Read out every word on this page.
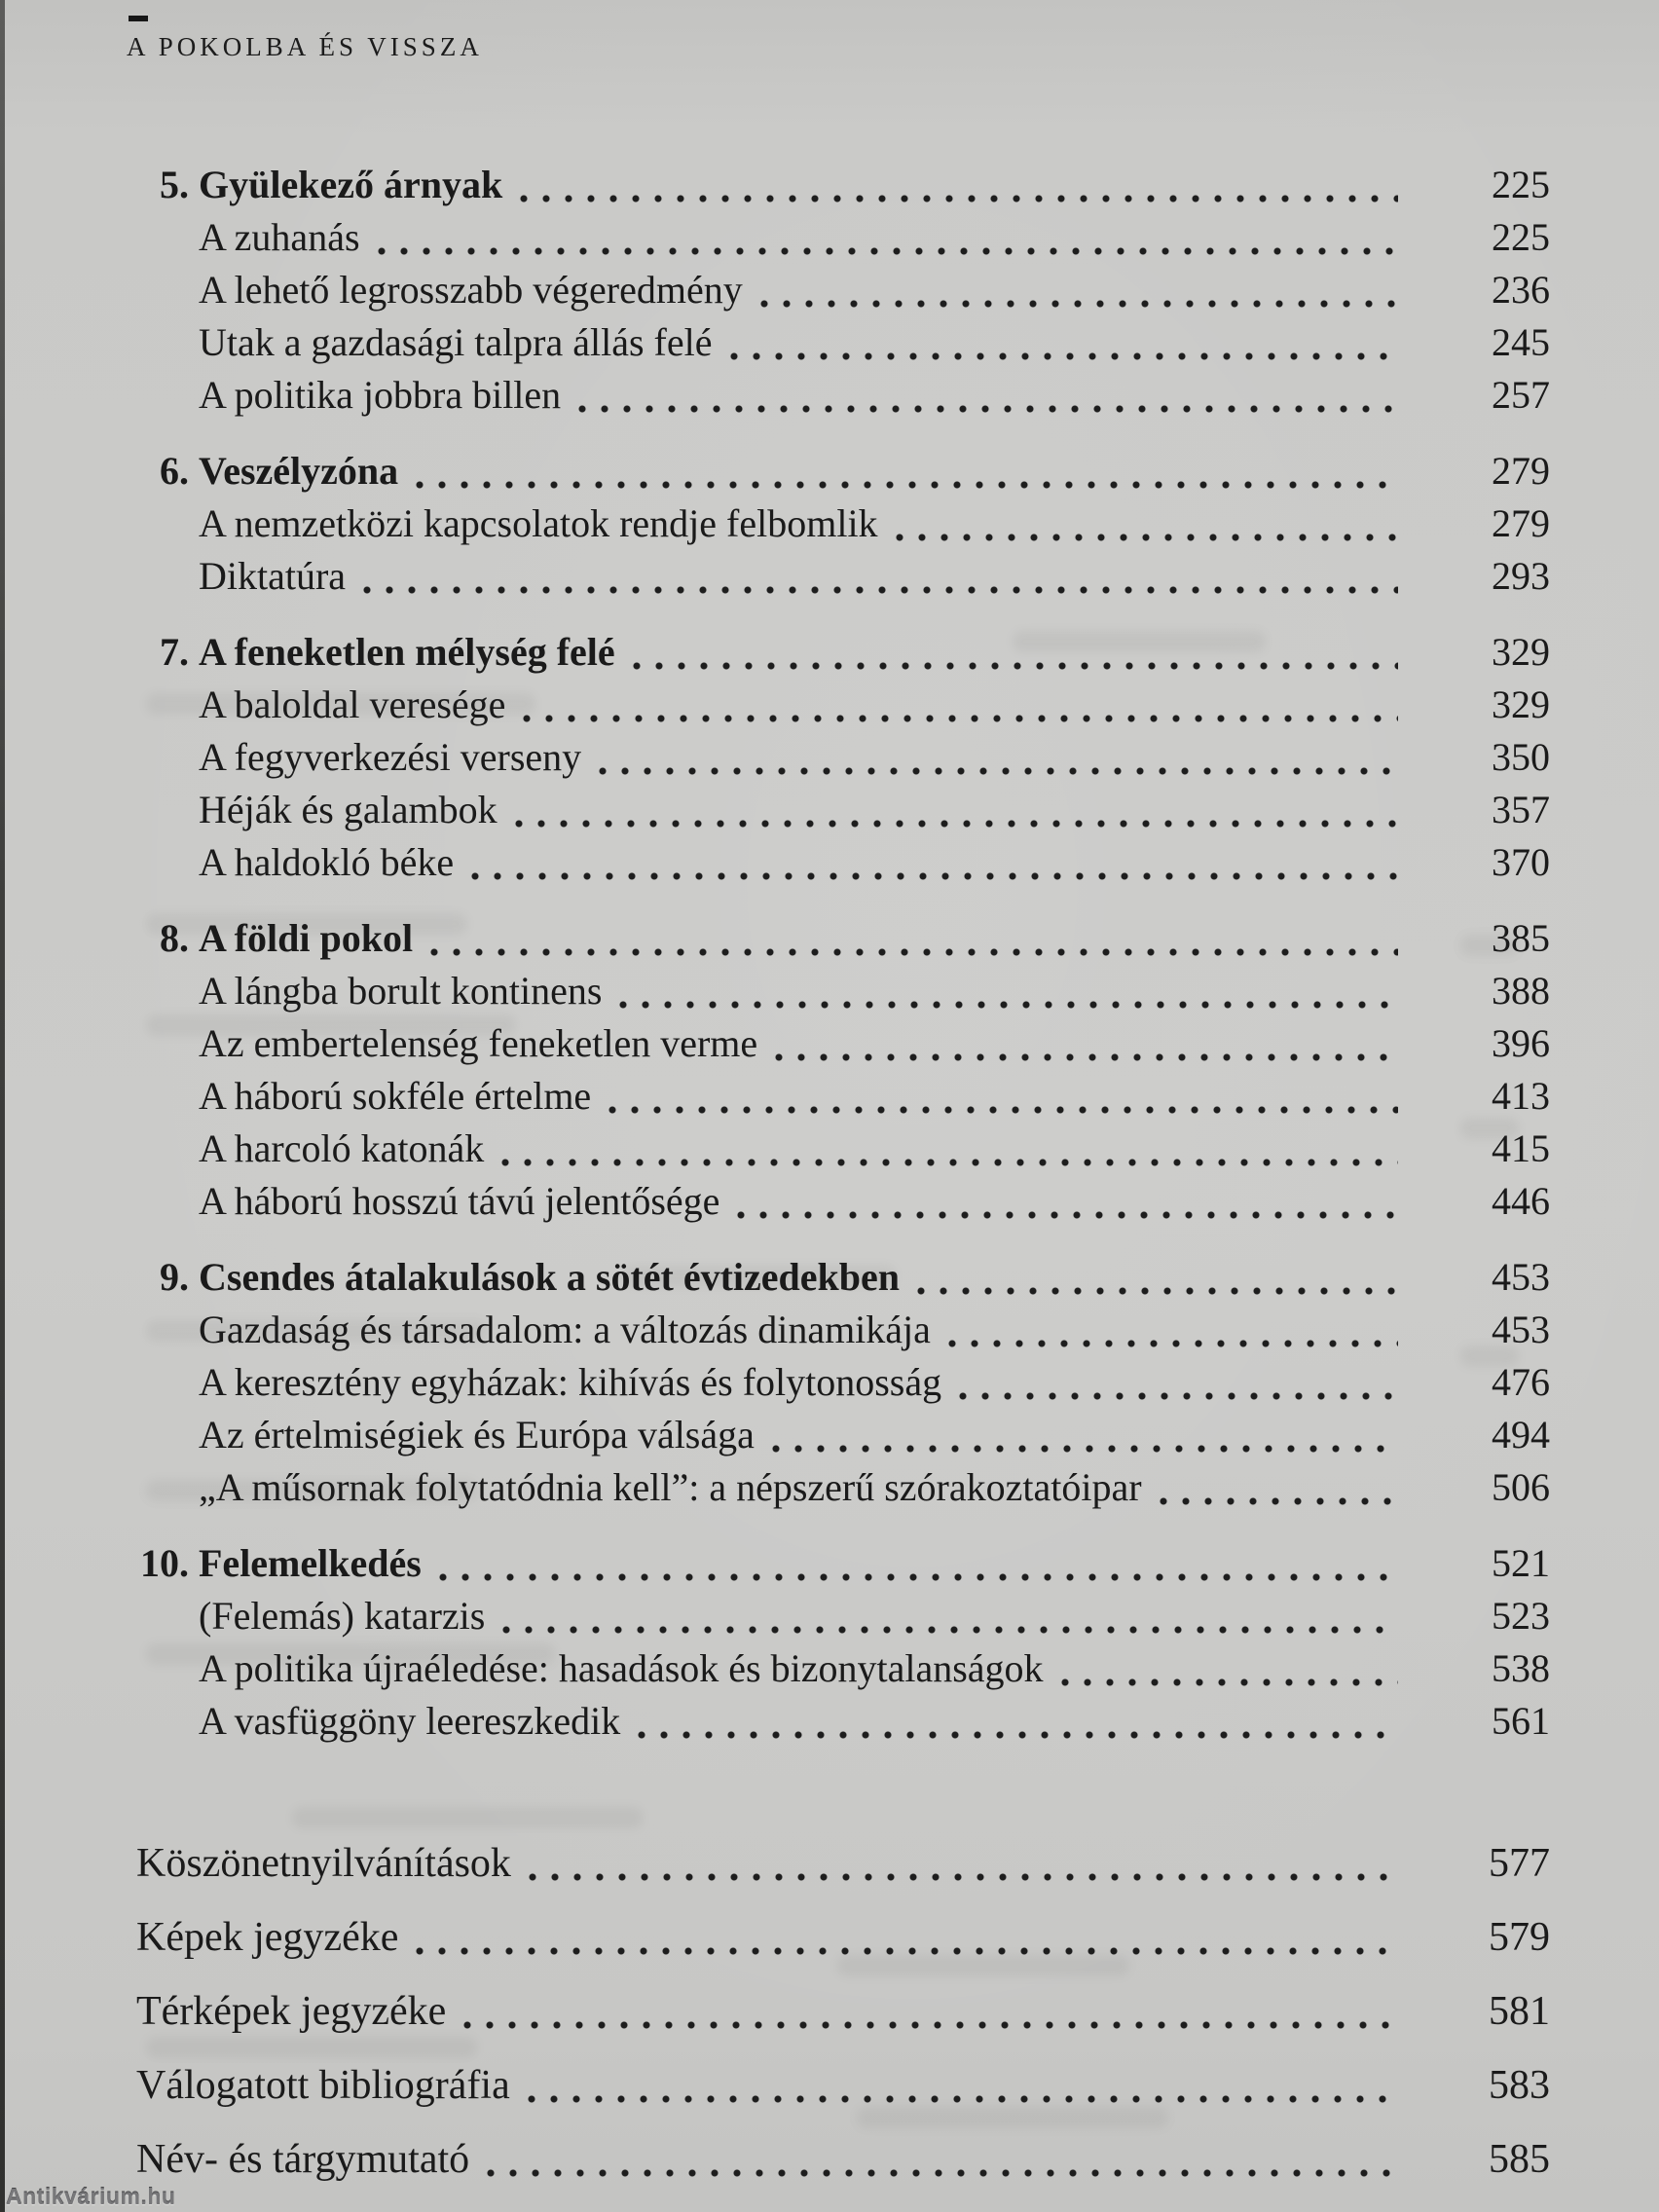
A POKOLBA ÉS VISSZA
5. Gyülekező árnyak	225
A zuhanás	225
A lehető legrosszabb végeredmény	236
Utak a gazdasági talpra állás felé	245
A politika jobbra billen	257
6. Veszélyzóna	279
A nemzetközi kapcsolatok rendje felbomlik	279
Diktatúra	293
7. A feneketlen mélység felé	329
A baloldal veresége	329
A fegyverkezési verseny	350
Héják és galambok	357
A haldokló béke	370
8. A földi pokol	385
A lángba borult kontinens	388
Az embertelenség feneketlen verme	396
A háború sokféle értelme	413
A harcoló katonák	415
A háború hosszú távú jelentősége	446
9. Csendes átalakulások a sötét évtizedekben	453
Gazdaság és társadalom: a változás dinamikája	453
A keresztény egyházak: kihívás és folytonosság	476
Az értelmiségiek és Európa válsága	494
„A műsornak folytatódnia kell”: a népszerű szórakoztatóipar	506
10. Felemelkedés	521
(Felemás) katarzis	523
A politika újraéledése: hasadások és bizonytalanságok	538
A vasfüggöny leereszkedik	561
Köszönetnyilvánítások	577
Képek jegyzéke	579
Térképek jegyzéke	581
Válogatott bibliográfia	583
Név- és tárgymutató	585
Antikvárium.hu
